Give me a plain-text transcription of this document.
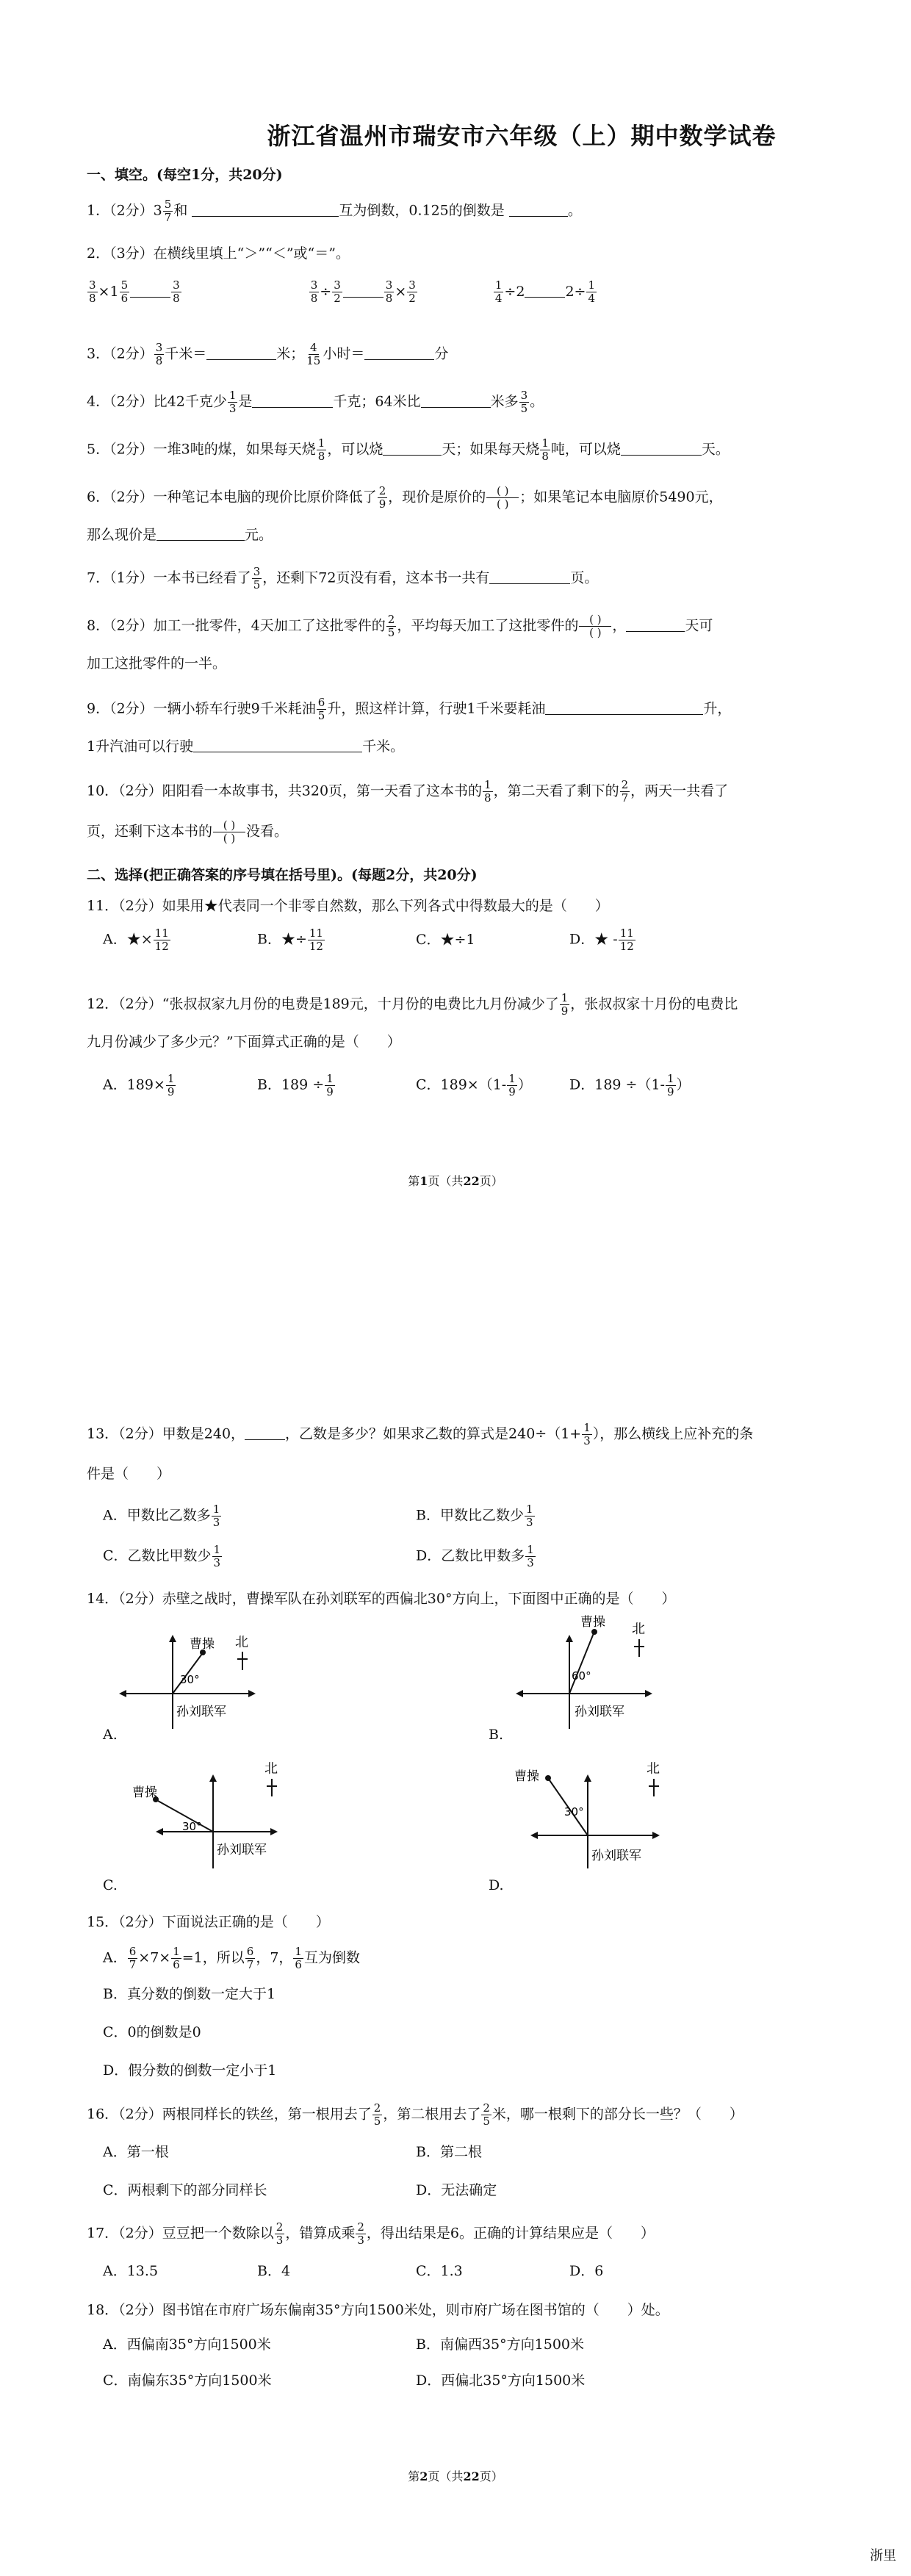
浙江省温州市瑞安市六年级（上）期中数学试卷
一、填空。(每空1分，共20分)
1．（2分）$3 \frac{5}{7}$ 和	互为倒数，0.125的倒数是	。
2．（3分）在横线里填上“＞”“＜”或“＝”。
$\frac{3}{8} \times 1 \frac{5}{6}$	$\frac{3}{8}$
	$\frac{3}{8} \div \frac{3}{2}$	$\frac{3}{8} \times \frac{3}{2}$
	$\frac{1}{4} \div 2$	$2\div \frac{1}{4}$
3．（2分） $\frac{3}{8}$ 千米＝	米； $\frac{4}{15}$ 小时＝	分
4．（2分）比42千克少 $\frac{1}{3}$ 是	千克；64米比	米多 $\frac{3}{5}$ 。
5．（2分）一堆3吨的煤，如果每天烧 $\frac{1}{8}$ ，可以烧	天；如果每天烧 $\frac{1}{8}$ 吨，可以烧	天。
6．（2分）一种笔记本电脑的现价比原价降低了 $\frac{2}{9}$ ，现价是原价的 ( )
( ) ；如果笔记本电脑原价5490元，
那么现价是	元。
7．（1分）一本书已经看了 $\frac{3}{5}$ ，还剩下72页没有看，这本书一共有	页。
8．（2分）加工一批零件，4天加工了这批零件的 $\frac{2}{5}$ ，平均每天加工了这批零件的 ( )
( ) ，	天可
加工这批零件的一半。
9．（2分）一辆小轿车行驶9千米耗油 $\frac{6}{5}$ 升，照这样计算，行驶1千米要耗油	升，
1升汽油可以行驶	千米。
10．（2分）阳阳看一本故事书，共320页，第一天看了这本书的 $\frac{1}{8}$ ，第二天看了剩下的 $\frac{2}{7}$ ，两天一共看了
页，还剩下这本书的 ( )
( ) 没看。
二、选择(把正确答案的序号填在括号里)。(每题2分，共20分)
11．（2分）如果用★代表同一个非零自然数，那么下列各式中得数最大的是（　　）
A．★× $\frac{11}{12}$	B．★÷ $\frac{11}{12}$	C．★÷1	D．★ - $\frac{11}{12}$
12．（2分）“张叔叔家九月份的电费是189元，十月份的电费比九月份减少了 $\frac{1}{9}$ ，张叔叔家十月份的电费比
九月份减少了多少元？”下面算式正确的是（　　）
A．$189\times \frac{1}{9}$	B．$189 \div \frac{1}{9}$	C．$189\times(1- \frac{1}{9}$ ）	D．$189 \div(1- \frac{1}{9}$ ）
第1页（共22页）
13．（2分）甲数是240，	，乙数是多少？如果求乙数的算式是$240\div(1+ \frac{1}{3}$ ），那么横线上应补充的条
件是（　　）
A．甲数比乙数多 $\frac{1}{3}$	B．甲数比乙数少 $\frac{1}{3}$
C．乙数比甲数少 $\frac{1}{3}$	D．乙数比甲数多 $\frac{1}{3}$
14．（2分）赤壁之战时，曹操军队在孙刘联军的西偏北30°方向上，下面图中正确的是（　　）
曹操
30°
北
孙刘联军
A.
曹操
60°
北
孙刘联军
B.
曹操
30°
北
孙刘联军
C.
曹操
30°
北
孙刘联军
D.
15．（2分）下面说法正确的是（　　）
A． $\frac{6}{7} \times 7\times \frac{1}{6} =1$，所以 $\frac{6}{7}$ ，7， $\frac{1}{6}$ 互为倒数
B．真分数的倒数一定大于1
C．0的倒数是0
D．假分数的倒数一定小于1
16．（2分）两根同样长的铁丝，第一根用去了 $\frac{2}{5}$ ，第二根用去了 $\frac{2}{5}$ 米，哪一根剩下的部分长一些？（　　）
A．第一根	B．第二根
C．两根剩下的部分同样长	D．无法确定
17．（2分）豆豆把一个数除以 $\frac{2}{3}$ ，错算成乘 $\frac{2}{3}$ ，得出结果是6。正确的计算结果应是（　　）
A．13.5	B．4	C．1.3	D．6
18．（2分）图书馆在市府广场东偏南35°方向1500米处，则市府广场在图书馆的（　　）处。
A．西偏南35°方向1500米	B．南偏西35°方向1500米
C．南偏东35°方向1500米	D．西偏北35°方向1500米
第2页（共22页）
浙里
